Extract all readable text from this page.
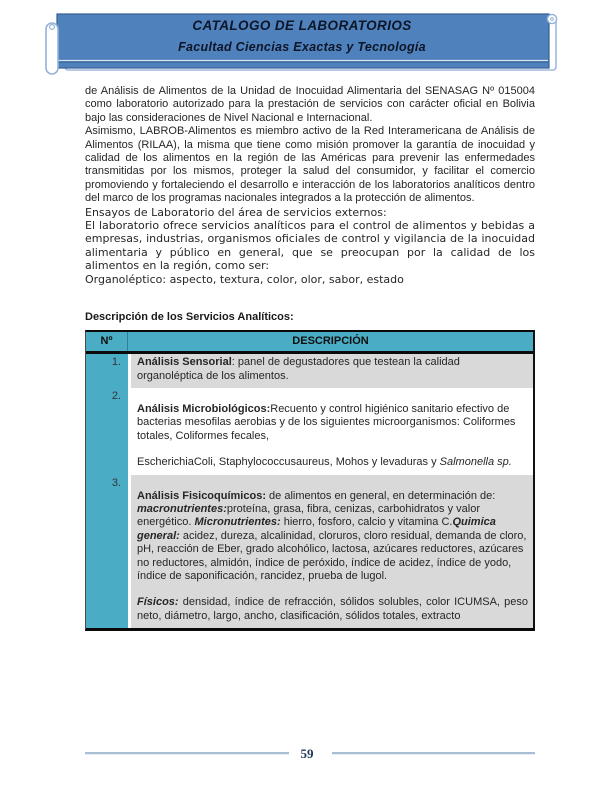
CATALOGO DE LABORATORIOS
Facultad Ciencias Exactas y Tecnología

de Análisis de Alimentos de la Unidad de Inocuidad Alimentaria del SENASAG Nº 015004 como laboratorio autorizado para la prestación de servicios con carácter oficial en Bolivia bajo las consideraciones de Nivel Nacional e Internacional.

Asimismo, LABROB-Alimentos es miembro activo de la Red Interamericana de Análisis de Alimentos (RILAA), la misma que tiene como misión promover la garantía de inocuidad y calidad de los alimentos en la región de las Américas para prevenir las enfermedades transmitidas por los mismos, proteger la salud del consumidor, y facilitar el comercio promoviendo y fortaleciendo el desarrollo e interacción de los laboratorios analíticos dentro del marco de los programas nacionales integrados a la protección de alimentos.

Ensayos de Laboratorio del área de servicios externos:

El laboratorio ofrece servicios analíticos para el control de alimentos y bebidas a empresas, industrias, organismos oficiales de control y vigilancia de la inocuidad alimentaria y público en general, que se preocupan por la calidad de los alimentos en la región, como ser:

Organoléptico: aspecto, textura, color, olor, sabor, estado

Descripción de los Servicios Analíticos:
Nº	DESCRIPCIÓN
1.	Análisis Sensorial: panel de degustadores que testean la calidad organoléptica de los alimentos.

2.

Análisis Microbiológicos:Recuento y control higiénico sanitario efectivo de bacterias mesofilas aerobias y de los siguientes microorganismos: Coliformes totales, Coliformes fecales,

EscherichiaColi, Staphylococcusaureus, Mohos y levaduras y Salmonella sp.

3.

Análisis Fisicoquímicos: de alimentos en general, en determinación de: macronutrientes:proteína, grasa, fibra, cenizas, carbohidratos y valor energético. Micronutrientes: hierro, fosforo, calcio y vitamina C.Quimica general: acidez, dureza, alcalinidad, cloruros, cloro residual, demanda de cloro, pH, reacción de Eber, grado alcohólico, lactosa, azúcares reductores, azúcares no reductores, almidón, índice de peróxido, índice de acidez, índice de yodo, índice de saponificación, rancidez, prueba de lugol.

Físicos: densidad, índice de refracción, sólidos solubles, color ICUMSA, peso neto, diámetro, largo, ancho, clasificación, sólidos totales, extracto

59
